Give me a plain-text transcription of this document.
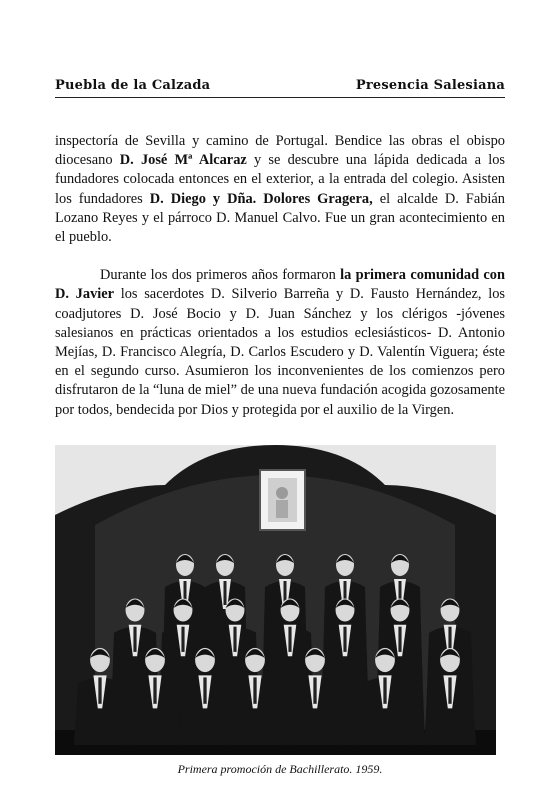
Puebla de la Calzada	Presencia Salesiana

inspectoría de Sevilla y camino de Portugal. Bendice las obras el obispo diocesano D. José Mª Alcaraz y se descubre una lápida dedicada a los fundadores colocada entonces en el exterior, a la entrada del colegio. Asisten los fundadores D. Diego y Dña. Dolores Gragera, el alcalde D. Fabián Lozano Reyes y el párroco D. Manuel Calvo. Fue un gran acontecimiento en el pueblo.

Durante los dos primeros años formaron la primera comunidad con D. Javier los sacerdotes D. Silverio Barreña y D. Fausto Hernández, los coadjutores D. José Bocio y D. Juan Sánchez y los clérigos -jóvenes salesianos en prácticas orientados a los estudios eclesiásticos- D. Antonio Mejías, D. Francisco Alegría, D. Carlos Escudero y D. Valentín Viguera; éste en el segundo curso. Asumieron los inconvenientes de los comienzos pero disfrutaron de la “luna de miel” de una nueva fundación acogida gozosamente por todos, bendecida por Dios y protegida por el auxilio de la Virgen.

Primera promoción de Bachillerato. 1959.
